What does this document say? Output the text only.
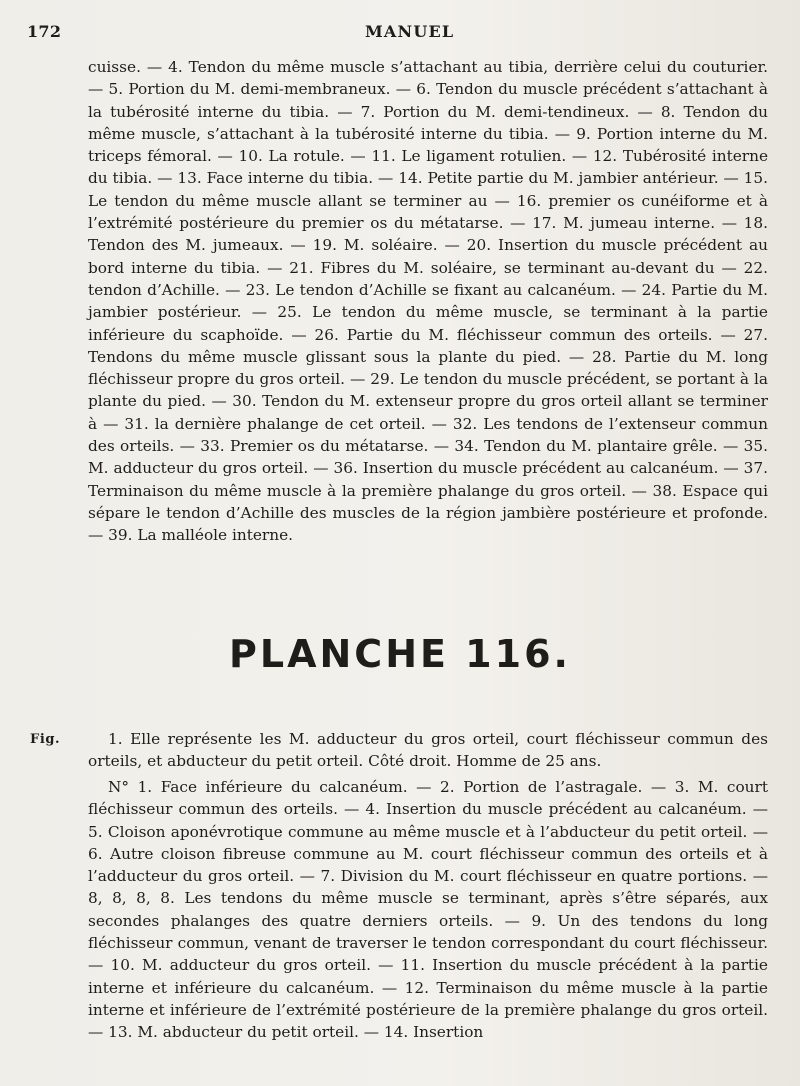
172	MANUEL

cuisse. — 4. Tendon du même muscle s’attachant au tibia, derrière celui du couturier. — 5. Portion du M. demi-membraneux. — 6. Tendon du muscle précédent s’attachant à la tubérosité interne du tibia. — 7. Portion du M. demi-tendineux. — 8. Tendon du même muscle, s’attachant à la tubérosité interne du tibia. — 9. Portion interne du M. triceps fémoral. — 10. La rotule. — 11. Le ligament rotulien. — 12. Tubérosité interne du tibia. — 13. Face interne du tibia. — 14. Petite partie du M. jambier antérieur. — 15. Le tendon du même muscle allant se terminer au — 16. premier os cunéiforme et à l’extrémité postérieure du premier os du métatarse. — 17. M. jumeau interne. — 18. Tendon des M. jumeaux. — 19. M. soléaire. — 20. Insertion du muscle précédent au bord interne du tibia. — 21. Fibres du M. soléaire, se terminant au-devant du — 22. tendon d’Achille. — 23. Le tendon d’Achille se fixant au calcanéum. — 24. Partie du M. jambier postérieur. — 25. Le tendon du même muscle, se terminant à la partie inférieure du scaphoïde. — 26. Partie du M. fléchisseur commun des orteils. — 27. Tendons du même muscle glissant sous la plante du pied. — 28. Partie du M. long fléchisseur propre du gros orteil. — 29. Le tendon du muscle précédent, se portant à la plante du pied. — 30. Tendon du M. extenseur propre du gros orteil allant se terminer à — 31. la dernière phalange de cet orteil. — 32. Les tendons de l’extenseur commun des orteils. — 33. Premier os du métatarse. — 34. Tendon du M. plantaire grêle. — 35. M. adducteur du gros orteil. — 36. Insertion du muscle précédent au calcanéum. — 37. Terminaison du même muscle à la première phalange du gros orteil. — 38. Espace qui sépare le tendon d’Achille des muscles de la région jambière postérieure et profonde. — 39. La malléole interne.

PLANCHE 116.
Fig.	1. Elle représente les M. adducteur du gros orteil, court fléchisseur commun des orteils, et abducteur du petit orteil. Côté droit. Homme de 25 ans.

N° 1. Face inférieure du calcanéum. — 2. Portion de l’astragale. — 3. M. court fléchisseur commun des orteils. — 4. Insertion du muscle précédent au calcanéum. — 5. Cloison aponévrotique commune au même muscle et à l’abducteur du petit orteil. — 6. Autre cloison fibreuse commune au M. court fléchisseur commun des orteils et à l’adducteur du gros orteil. — 7. Division du M. court fléchisseur en quatre portions. — 8, 8, 8, 8. Les tendons du même muscle se terminant, après s’être séparés, aux secondes phalanges des quatre derniers orteils. — 9. Un des tendons du long fléchisseur commun, venant de traverser le tendon correspondant du court fléchisseur. — 10. M. adducteur du gros orteil. — 11. Insertion du muscle précédent à la partie interne et inférieure du calcanéum. — 12. Terminaison du même muscle à la partie interne et inférieure de l’extrémité postérieure de la première phalange du gros orteil. — 13. M. abducteur du petit orteil. — 14. Insertion
